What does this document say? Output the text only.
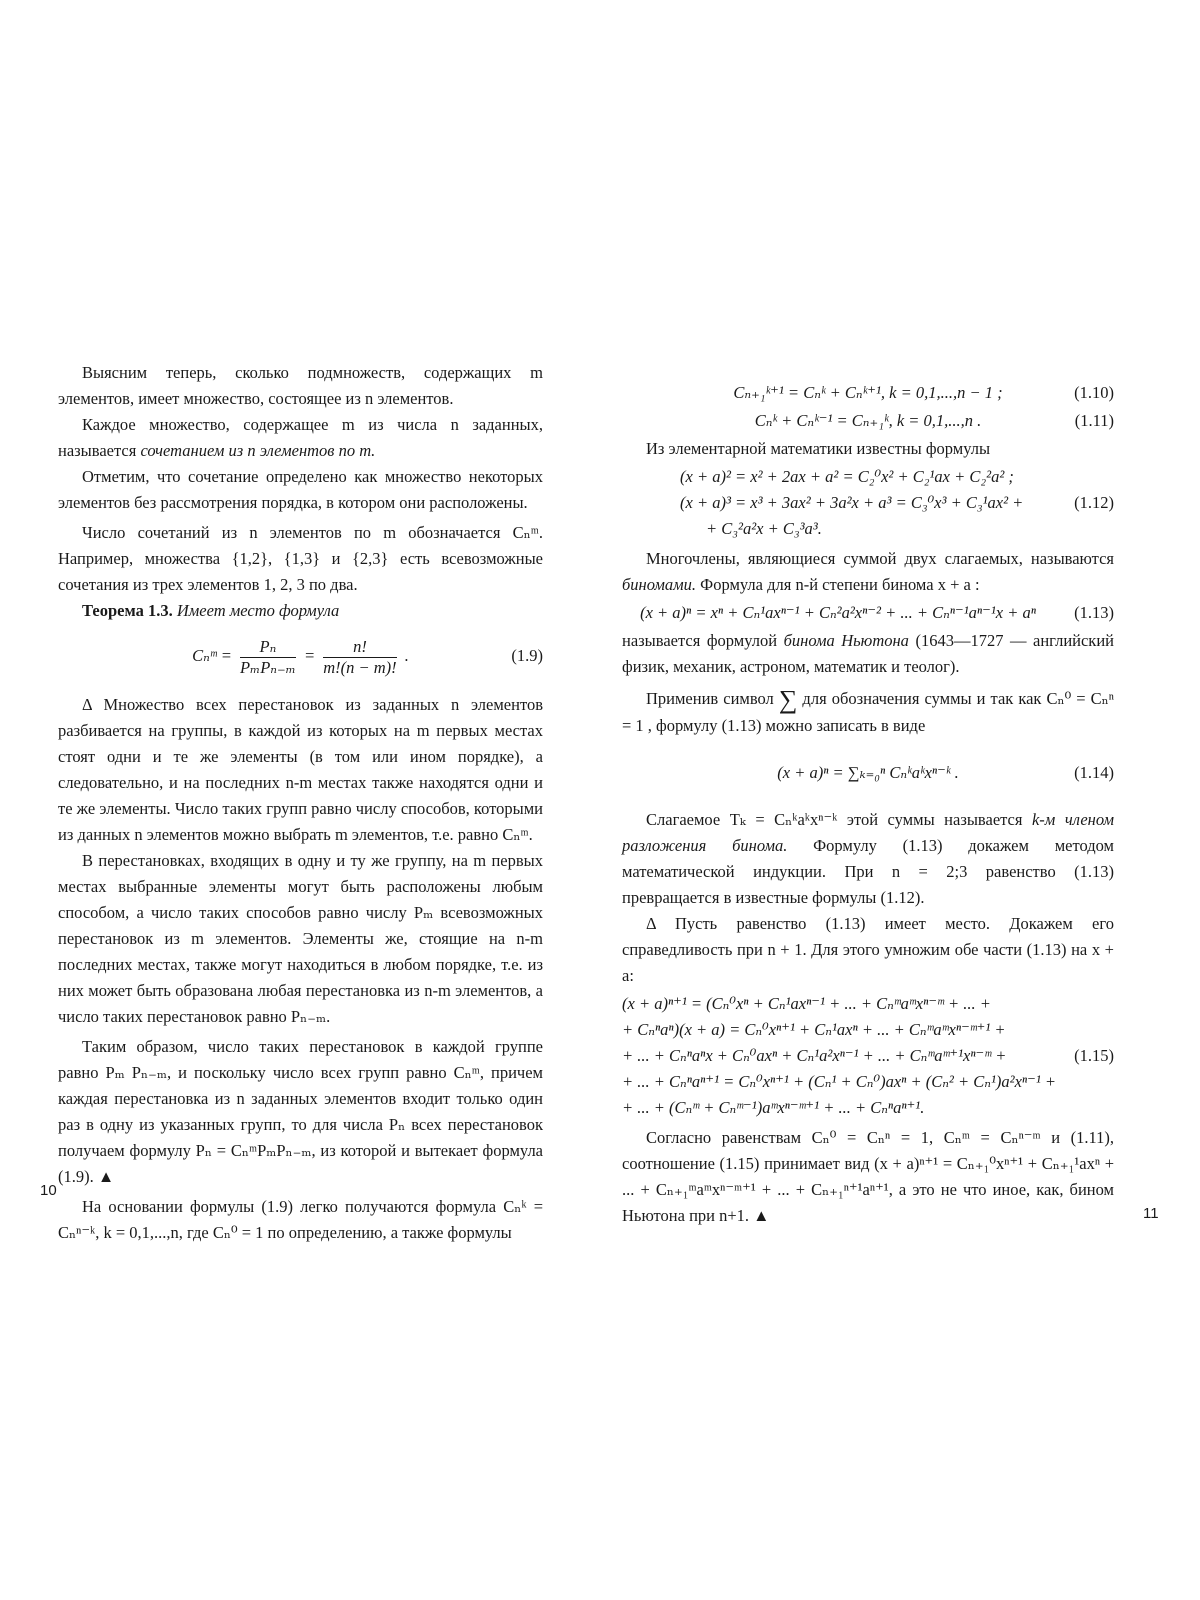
Выясним теперь, сколько подмножеств, содержащих m элементов, имеет множество, состоящее из n элементов.

Каждое множество, содержащее m из числа n заданных, называется сочетанием из n элементов по m.

Отметим, что сочетание определено как множество некоторых элементов без рассмотрения порядка, в котором они расположены.

Число сочетаний из n элементов по m обозначается Cₙᵐ. Например, множества {1,2}, {1,3} и {2,3} есть всевозможные сочетания из трех элементов 1, 2, 3 по два.

Теорема 1.3. Имеет место формула

Cₙᵐ = $\frac{\text{Pₙ}}{\text{PₘPₙ₋ₘ}} = \frac{n!}{m!(n - m)!}$ .	(1.9)

Δ Множество всех перестановок из заданных n элементов разбивается на группы, в каждой из которых на m первых местах стоят одни и те же элементы (в том или ином порядке), а следовательно, и на последних n-m местах также находятся одни и те же элементы. Число таких групп равно числу способов, которыми из данных n элементов можно выбрать m элементов, т.е. равно Cₙᵐ.

В перестановках, входящих в одну и ту же группу, на m первых местах выбранные элементы могут быть расположены любым способом, а число таких способов равно числу Pₘ всевозможных перестановок из m элементов. Элементы же, стоящие на n-m последних местах, также могут находиться в любом порядке, т.е. из них может быть образована любая перестановка из n-m элементов, а число таких перестановок равно Pₙ₋ₘ.

Таким образом, число таких перестановок в каждой группе равно Pₘ Pₙ₋ₘ, и поскольку число всех групп равно Cₙᵐ, причем каждая перестановка из n заданных элементов входит только один раз в одну из указанных групп, то для числа Pₙ всех перестановок получаем формулу Pₙ = CₙᵐPₘPₙ₋ₘ, из которой и вытекает формула (1.9). ▲

На основании формулы (1.9) легко получаются формула Cₙᵏ = Cₙⁿ⁻ᵏ, k = 0,1,...,n, где Cₙ⁰ = 1 по определению, а также формулы

10
Cₙ₊₁ᵏ⁺¹ = Cₙᵏ + Cₙᵏ⁺¹, k = 0,1,...,n − 1 ;	(1.10)
Cₙᵏ + Cₙᵏ⁻¹ = Cₙ₊₁ᵏ, k = 0,1,...,n .	(1.11)

Из элементарной математики известны формулы

(x + a)² = x² + 2ax + a² = C₂⁰x² + C₂¹ax + C₂²a² ;
(x + a)³ = x³ + 3ax² + 3a²x + a³ = C₃⁰x³ + C₃¹ax² +
+ C₃²a²x + C₃³a³.
(1.12)

Многочлены, являющиеся суммой двух слагаемых, называются биномами. Формула для n-й степени бинома x + a :

(x + a)ⁿ = xⁿ + Cₙ¹axⁿ⁻¹ + Cₙ²a²xⁿ⁻² + ... + Cₙⁿ⁻¹aⁿ⁻¹x + aⁿ	(1.13)

называется формулой бинома Ньютона (1643—1727 — английский физик, механик, астроном, математик и теолог).

Применив символ ∑ для обозначения суммы и так как Cₙ⁰ = Cₙⁿ = 1 , формулу (1.13) можно записать в виде

(x + a)ⁿ = ∑ₖ₌₀ⁿ Cₙᵏaᵏxⁿ⁻ᵏ .	(1.14)

Слагаемое Tₖ = Cₙᵏaᵏxⁿ⁻ᵏ этой суммы называется k-м членом разложения бинома. Формулу (1.13) докажем методом математической индукции. При n = 2;3 равенство (1.13) превращается в известные формулы (1.12).

Δ Пусть равенство (1.13) имеет место. Докажем его справедливость при n + 1. Для этого умножим обе части (1.13) на x + a:

(x + a)ⁿ⁺¹ = (Cₙ⁰xⁿ + Cₙ¹axⁿ⁻¹ + ... + Cₙᵐaᵐxⁿ⁻ᵐ + ... +
+ Cₙⁿaⁿ)(x + a) = Cₙ⁰xⁿ⁺¹ + Cₙ¹axⁿ + ... + Cₙᵐaᵐxⁿ⁻ᵐ⁺¹ +
+ ... + Cₙⁿaⁿx + Cₙ⁰axⁿ + Cₙ¹a²xⁿ⁻¹ + ... + Cₙᵐaᵐ⁺¹xⁿ⁻ᵐ +
+ ... + Cₙⁿaⁿ⁺¹ = Cₙ⁰xⁿ⁺¹ + (Cₙ¹ + Cₙ⁰)axⁿ + (Cₙ² + Cₙ¹)a²xⁿ⁻¹ +
+ ... + (Cₙᵐ + Cₙᵐ⁻¹)aᵐxⁿ⁻ᵐ⁺¹ + ... + Cₙⁿaⁿ⁺¹.
(1.15)

Согласно равенствам Cₙ⁰ = Cₙⁿ = 1, Cₙᵐ = Cₙⁿ⁻ᵐ и (1.11), соотношение (1.15) принимает вид (x + a)ⁿ⁺¹ = Cₙ₊₁⁰xⁿ⁺¹ + Cₙ₊₁¹axⁿ + ... + Cₙ₊₁ᵐaᵐxⁿ⁻ᵐ⁺¹ + ... + Cₙ₊₁ⁿ⁺¹aⁿ⁺¹, а это не что иное, как, бином Ньютона при n+1. ▲	11
